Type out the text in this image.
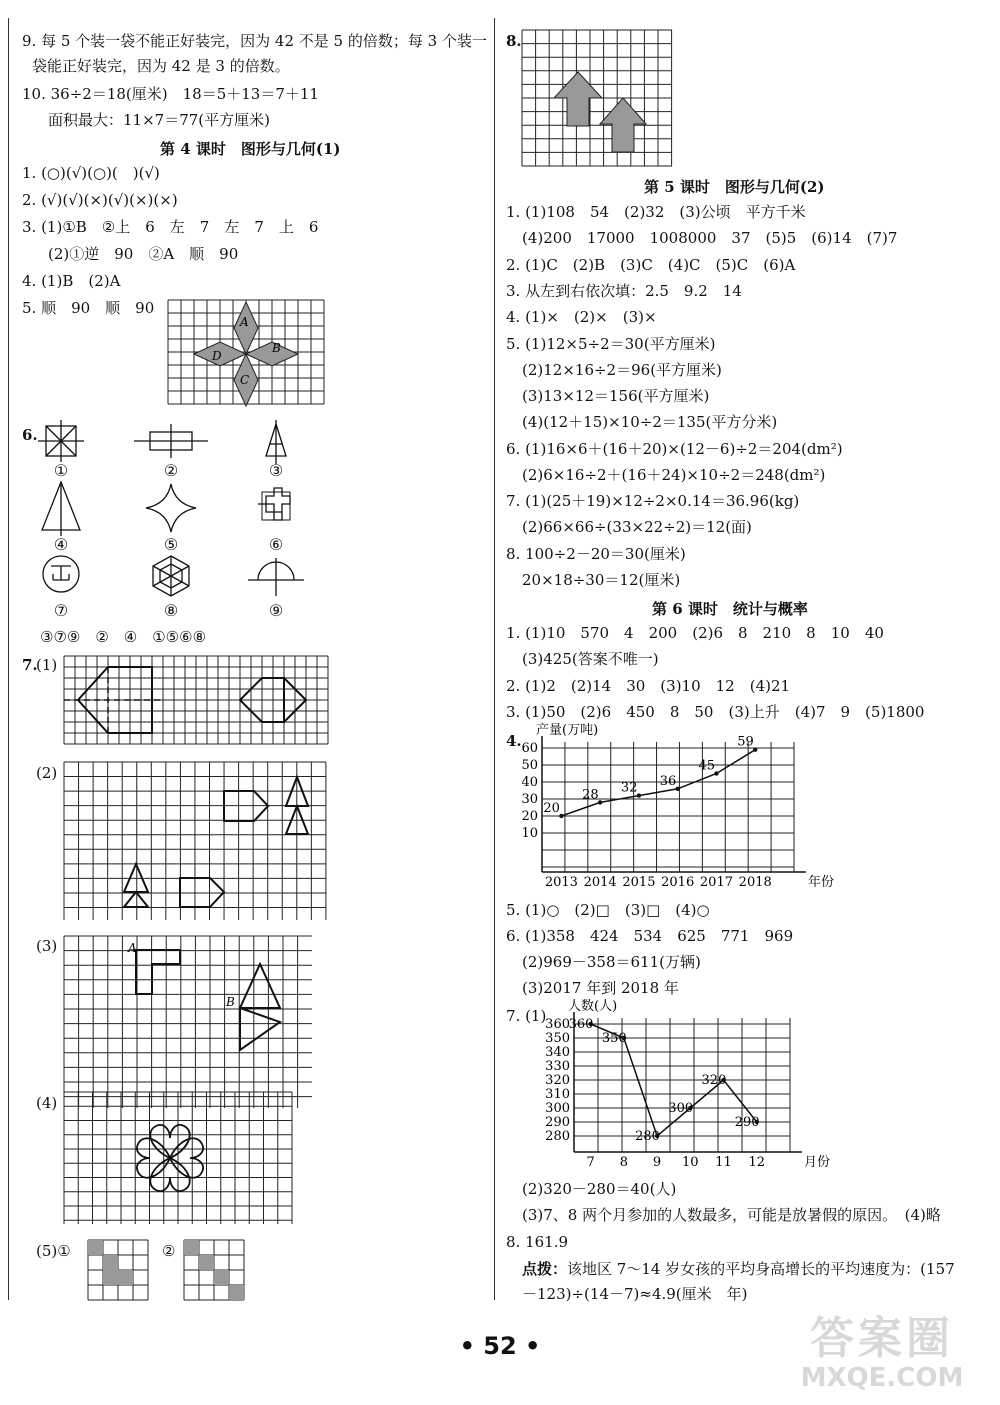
9. 每 5 个装一袋不能正好装完，因为 42 不是 5 的倍数；每 3 个装一
袋能正好装完，因为 42 是 3 的倍数。
10. 36÷2＝18(厘米)　18＝5＋13＝7＋11
面积最大：11×7＝77(平方厘米)
第 4 课时　图形与几何(1)
1. (○)(√)(○)(　)(√)
2. (√)(√)(×)(√)(×)(×)
3. (1)①B　②上　6　左　7　左　7　上　6
(2)①逆　90　②A　顺　90
4. (1)B　(2)A
5. 顺　90　顺　90
A
B
C
D
6.
①	②	③
④	⑤	⑥
⑦	⑧	⑨
③⑦⑨　②　④　①⑤⑥⑧
7.
(1)
(2)
(3)	A
B
(4)
(5)①	②
8.
第 5 课时　图形与几何(2)
1. (1)108　54　(2)32　(3)公顷　平方千米
(4)200　17000　1008000　37　(5)5　(6)14　(7)7
2. (1)C　(2)B　(3)C　(4)C　(5)C　(6)A
3. 从左到右依次填：2.5　9.2　14
4. (1)×　(2)×　(3)×
5. (1)12×5÷2＝30(平方厘米)
(2)12×16÷2＝96(平方厘米)
(3)13×12＝156(平方厘米)
(4)(12＋15)×10÷2＝135(平方分米)
6. (1)16×6＋(16＋20)×(12－6)÷2＝204(dm²)
(2)6×16÷2＋(16＋24)×10÷2＝248(dm²)
7. (1)(25＋19)×12÷2×0.14＝36.96(kg)
(2)66×66÷(33×22÷2)＝12(面)
8. 100÷2－20＝30(厘米)
20×18÷30＝12(厘米)
第 6 课时　统计与概率
1. (1)10　570　4　200　(2)6　8　210　8　10　40
(3)425(答案不唯一)
2. (1)2　(2)14　30　(3)10　12　(4)21
3. (1)50　(2)6　450　8　50　(3)上升　(4)7　9　(5)1800
4.
10
20
30
40
50
60
20
28 32 36
45
59
2013 2014 2015 2016 2017 2018
产量(万吨)
年份
5. (1)○　(2)□　(3)□　(4)○
6. (1)358　424　534　625　771　969
(2)969－358＝611(万辆)
(3)2017 年到 2018 年
7. (1)
280
290
300
310
320
330
340
350
360
360
350
280
300
320
290
7 8 9 10 11 12
人数(人)
月份
(2)320－280＝40(人)
(3)7、8 两个月参加的人数最多，可能是放暑假的原因。　(4)略
8. 161.9
点拨：该地区 7～14 岁女孩的平均身高增长的平均速度为：(157
－123)÷(14－7)≈4.9(厘米　年)
• 52 •	答案圈
MXQE.COM
